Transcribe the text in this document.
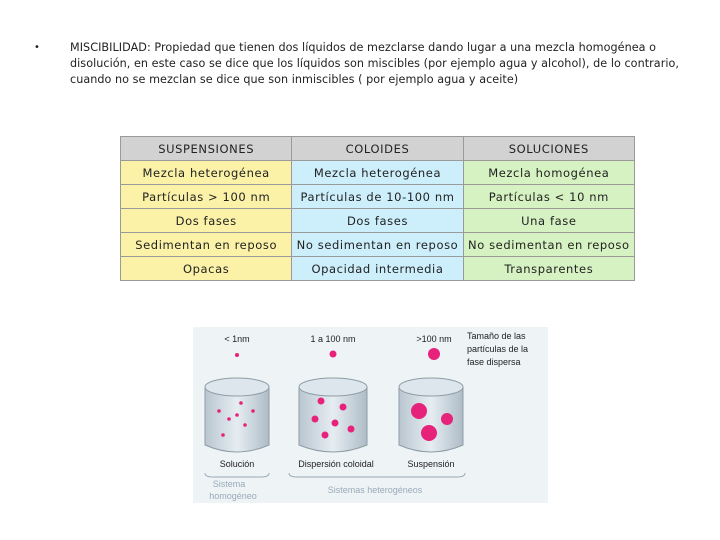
•	MISCIBILIDAD: Propiedad que tienen dos líquidos de mezclarse dando lugar a una mezcla homogénea o disolución, en este caso se dice que los líquidos son miscibles (por ejemplo agua y alcohol), de lo contrario, cuando no se mezclan se dice que son inmiscibles ( por ejemplo agua y aceite)
SUSPENSIONES	COLOIDES	SOLUCIONES
Mezcla heterogénea	Mezcla heterogénea	Mezcla homogénea
Partículas > 100 nm	Partículas de 10-100 nm	Partículas < 10 nm
Dos fases	Dos fases	Una fase
Sedimentan en reposo	No sedimentan en reposo	No sedimentan en reposo
Opacas	Opacidad intermedia	Transparentes
< 1nm	1 a 100 nm	>100 nm Tamaño de las
partículas de la
fase dispersa
Solución	Dispersión coloidal	Suspensión
Sistema
homogéneo
Sistemas heterogéneos
